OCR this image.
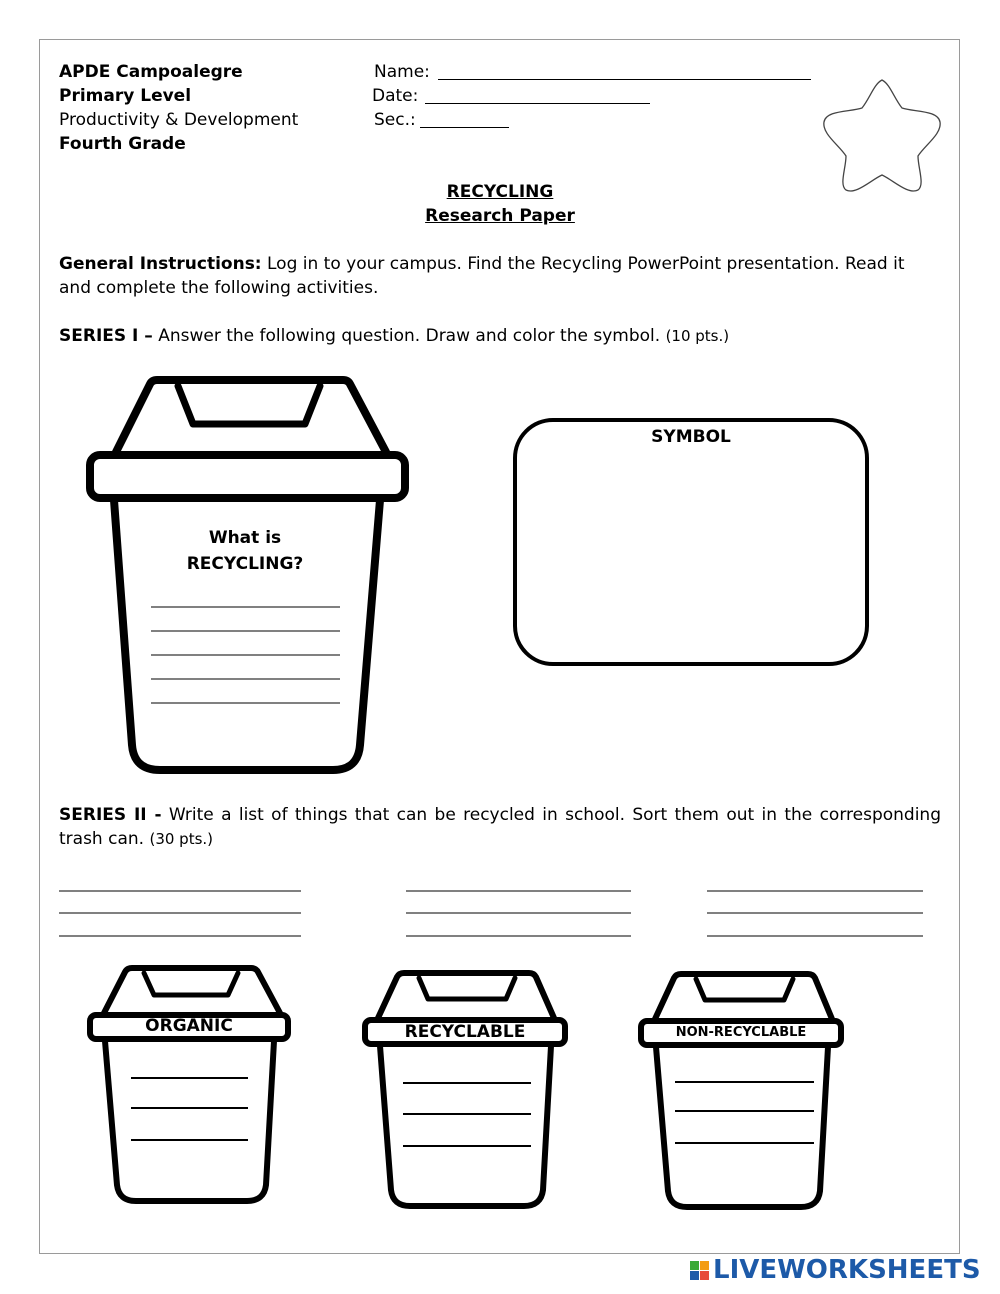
APDE Campoalegre
Primary Level
Productivity & Development
Fourth Grade
Name:
Date:
Sec.:
RECYCLING
Research Paper
General Instructions: Log in to your campus. Find the Recycling PowerPoint presentation. Read it and complete the following activities.
SERIES I – Answer the following question. Draw and color the symbol. (10 pts.)
What is
RECYCLING?
SYMBOL
SERIES II - Write a list of things that can be recycled in school. Sort them out in the corresponding trash can. (30 pts.)
ORGANIC	RECYCLABLE	NON-RECYCLABLE
LIVEWORKSHEETS
